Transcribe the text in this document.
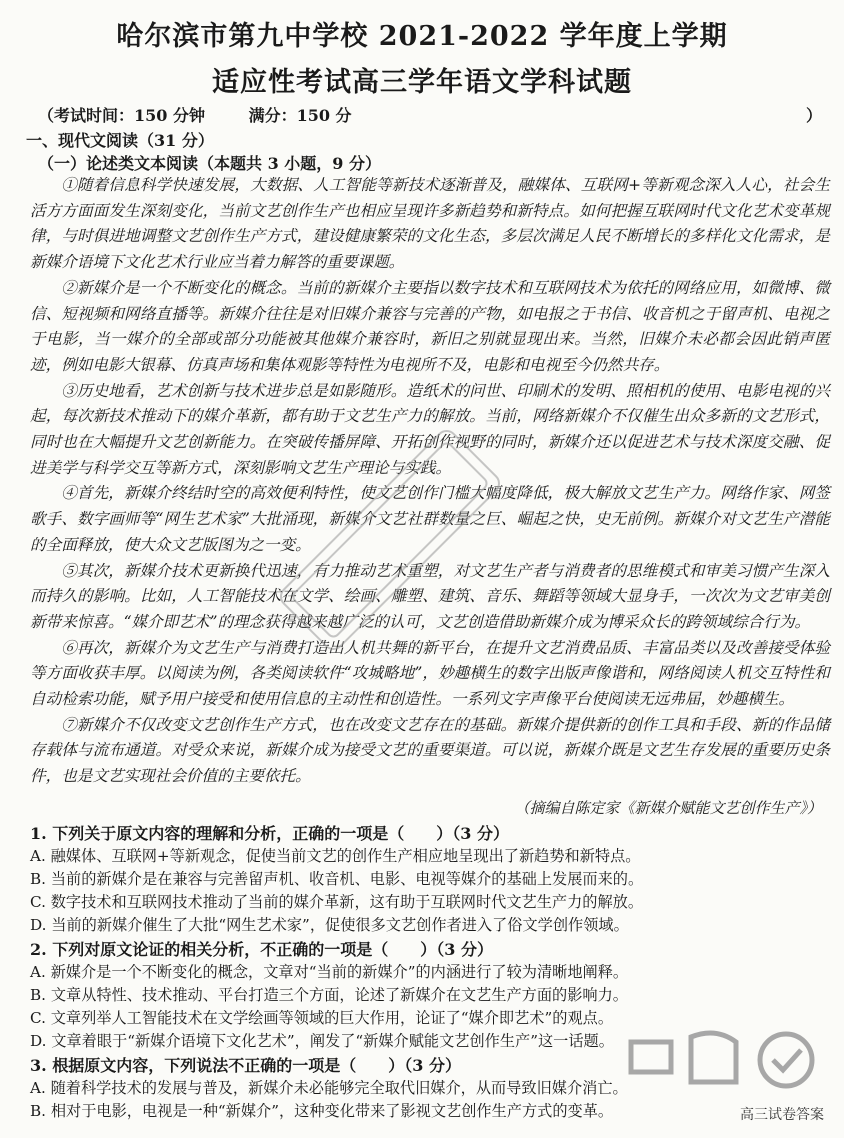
哈尔滨市第九中学校 2021-2022 学年度上学期
适应性考试高三学年语文学科试题
（考试时间：150 分钟	满分：150 分	）
一、现代文阅读（31 分）
（一）论述类文本阅读（本题共 3 小题，9 分）

①随着信息科学快速发展，大数据、人工智能等新技术逐渐普及，融媒体、互联网+等新观念深入人心，社会生活方方面面发生深刻变化，当前文艺创作生产也相应呈现许多新趋势和新特点。如何把握互联网时代文化艺术变革规律，与时俱进地调整文艺创作生产方式，建设健康繁荣的文化生态，多层次满足人民不断增长的多样化文化需求，是新媒介语境下文化艺术行业应当着力解答的重要课题。

②新媒介是一个不断变化的概念。当前的新媒介主要指以数字技术和互联网技术为依托的网络应用，如微博、微信、短视频和网络直播等。新媒介往往是对旧媒介兼容与完善的产物，如电报之于书信、收音机之于留声机、电视之于电影，当一媒介的全部或部分功能被其他媒介兼容时，新旧之别就显现出来。当然，旧媒介未必都会因此销声匿迹，例如电影大银幕、仿真声场和集体观影等特性为电视所不及，电影和电视至今仍然共存。

③历史地看，艺术创新与技术进步总是如影随形。造纸术的问世、印刷术的发明、照相机的使用、电影电视的兴起，每次新技术推动下的媒介革新，都有助于文艺生产力的解放。当前，网络新媒介不仅催生出众多新的文艺形式，同时也在大幅提升文艺创新能力。在突破传播屏障、开拓创作视野的同时，新媒介还以促进艺术与技术深度交融、促进美学与科学交互等新方式，深刻影响文艺生产理论与实践。

④首先，新媒介终结时空的高效便利特性，使文艺创作门槛大幅度降低，极大解放文艺生产力。网络作家、网签歌手、数字画师等“网生艺术家”大批涌现，新媒介文艺社群数量之巨、崛起之快，史无前例。新媒介对文艺生产潜能的全面释放，使大众文艺版图为之一变。

⑤其次，新媒介技术更新换代迅速，有力推动艺术重塑，对文艺生产者与消费者的思维模式和审美习惯产生深入而持久的影响。比如，人工智能技术在文学、绘画、雕塑、建筑、音乐、舞蹈等领域大显身手，一次次为文艺审美创新带来惊喜。“媒介即艺术”的理念获得越来越广泛的认可，文艺创造借助新媒介成为博采众长的跨领域综合行为。

⑥再次，新媒介为文艺生产与消费打造出人机共舞的新平台，在提升文艺消费品质、丰富品类以及改善接受体验等方面收获丰厚。以阅读为例，各类阅读软件“攻城略地”，妙趣横生的数字出版声像谐和，网络阅读人机交互特性和自动检索功能，赋予用户接受和使用信息的主动性和创造性。一系列文字声像平台使阅读无远弗届，妙趣横生。

⑦新媒介不仅改变文艺创作生产方式，也在改变文艺存在的基础。新媒介提供新的创作工具和手段、新的作品储存载体与流布通道。对受众来说，新媒介成为接受文艺的重要渠道。可以说，新媒介既是文艺生存发展的重要历史条件，也是文艺实现社会价值的主要依托。

（摘编自陈定家《新媒介赋能文艺创作生产》）
1. 下列关于原文内容的理解和分析，正确的一项是（　　）（3 分）
A. 融媒体、互联网+等新观念，促使当前文艺的创作生产相应地呈现出了新趋势和新特点。
B. 当前的新媒介是在兼容与完善留声机、收音机、电影、电视等媒介的基础上发展而来的。
C. 数字技术和互联网技术推动了当前的媒介革新，这有助于互联网时代文艺生产力的解放。
D. 当前的新媒介催生了大批“网生艺术家”，促使很多文艺创作者进入了俗文学创作领域。
2. 下列对原文论证的相关分析，不正确的一项是（　　）（3 分）
A. 新媒介是一个不断变化的概念，文章对“当前的新媒介”的内涵进行了较为清晰地阐释。
B. 文章从特性、技术推动、平台打造三个方面，论述了新媒介在文艺生产方面的影响力。
C. 文章列举人工智能技术在文学绘画等领域的巨大作用，论证了“媒介即艺术”的观点。
D. 文章着眼于“新媒介语境下文化艺术”，阐发了“新媒介赋能文艺创作生产”这一话题。
3. 根据原文内容，下列说法不正确的一项是（　　）（3 分）
A. 随着科学技术的发展与普及，新媒介未必能够完全取代旧媒介，从而导致旧媒介消亡。
B. 相对于电影，电视是一种“新媒介”，这种变化带来了影视文艺创作生产方式的变革。	高三试卷答案
